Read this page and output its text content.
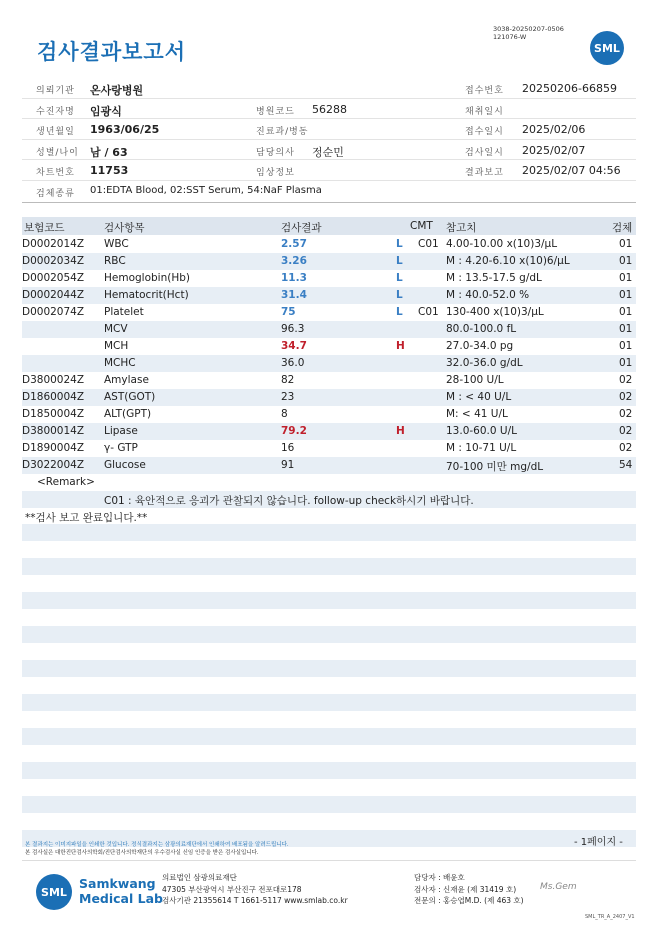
3038-20250207-0506
121076-W
검사결과보고서	SML
의뢰기관 온사랑병원	접수번호 20250206-66859
수진자명 임광식	병원코드 56288	채취일시
생년월일 1963/06/25	진료과/병동	접수일시 2025/02/06
성별/나이 남 / 63	담당의사 정순민	검사일시 2025/02/07
차트번호 11753	임상정보	결과보고 2025/02/07 04:56
검체종류 01:EDTA Blood, 02:SST Serum, 54:NaF Plasma
보험코드	검사항목	검사결과	CMT 참고치	검체
D0002014Z WBC	2.57	L C01 4.00-10.00 x(10)3/μL	01
D0002034Z RBC	3.26	L	M : 4.20-6.10 x(10)6/μL	01
D0002054Z Hemoglobin(Hb)	11.3	L	M : 13.5-17.5 g/dL	01
D0002044Z Hematocrit(Hct)	31.4	L	M : 40.0-52.0 %	01
D0002074Z Platelet	75	L C01 130-400 x(10)3/μL	01
MCV	96.3	80.0-100.0 fL	01
MCH	34.7	H	27.0-34.0 pg	01
MCHC	36.0	32.0-36.0 g/dL	01
D3800024Z Amylase	82	28-100 U/L	02
D1860004Z AST(GOT)	23	M : < 40 U/L	02
D1850004Z ALT(GPT)	8	M: < 41 U/L	02
D3800014Z Lipase	79.2	H	13.0-60.0 U/L	02
D1890004Z γ- GTP	16	M : 10-71 U/L	02
D3022004Z Glucose	91	70-100 미만 mg/dL	54
<Remark>
C01 : 육안적으로 응괴가 관찰되지 않습니다. follow-up check하시기 바랍니다.
**검사 보고 완료입니다.**
본 결과지는 이미지파일을 인쇄한 것입니다. 정식결과지는 삼광의료재단에서 인쇄하여 배포됨을 알려드립니다.
본 검사실은 대한진단검사의학회/진단검사의학재단의 우수검사실 신임 인증을 받은 검사실입니다.
- 1페이지 -
SML
Samkwang
Medical Lab
의료법인 삼광의료재단
47305 부산광역시 부산진구 전포대로178
검사기관 21355614 T 1661-5117 www.smlab.co.kr
담당자 : 배윤호
검사자 : 신재윤 (제 31419 호)
전문의 : 홍승엽M.D. (제 463 호)
Ms.Gem
SML_TR_A_2407_V1
